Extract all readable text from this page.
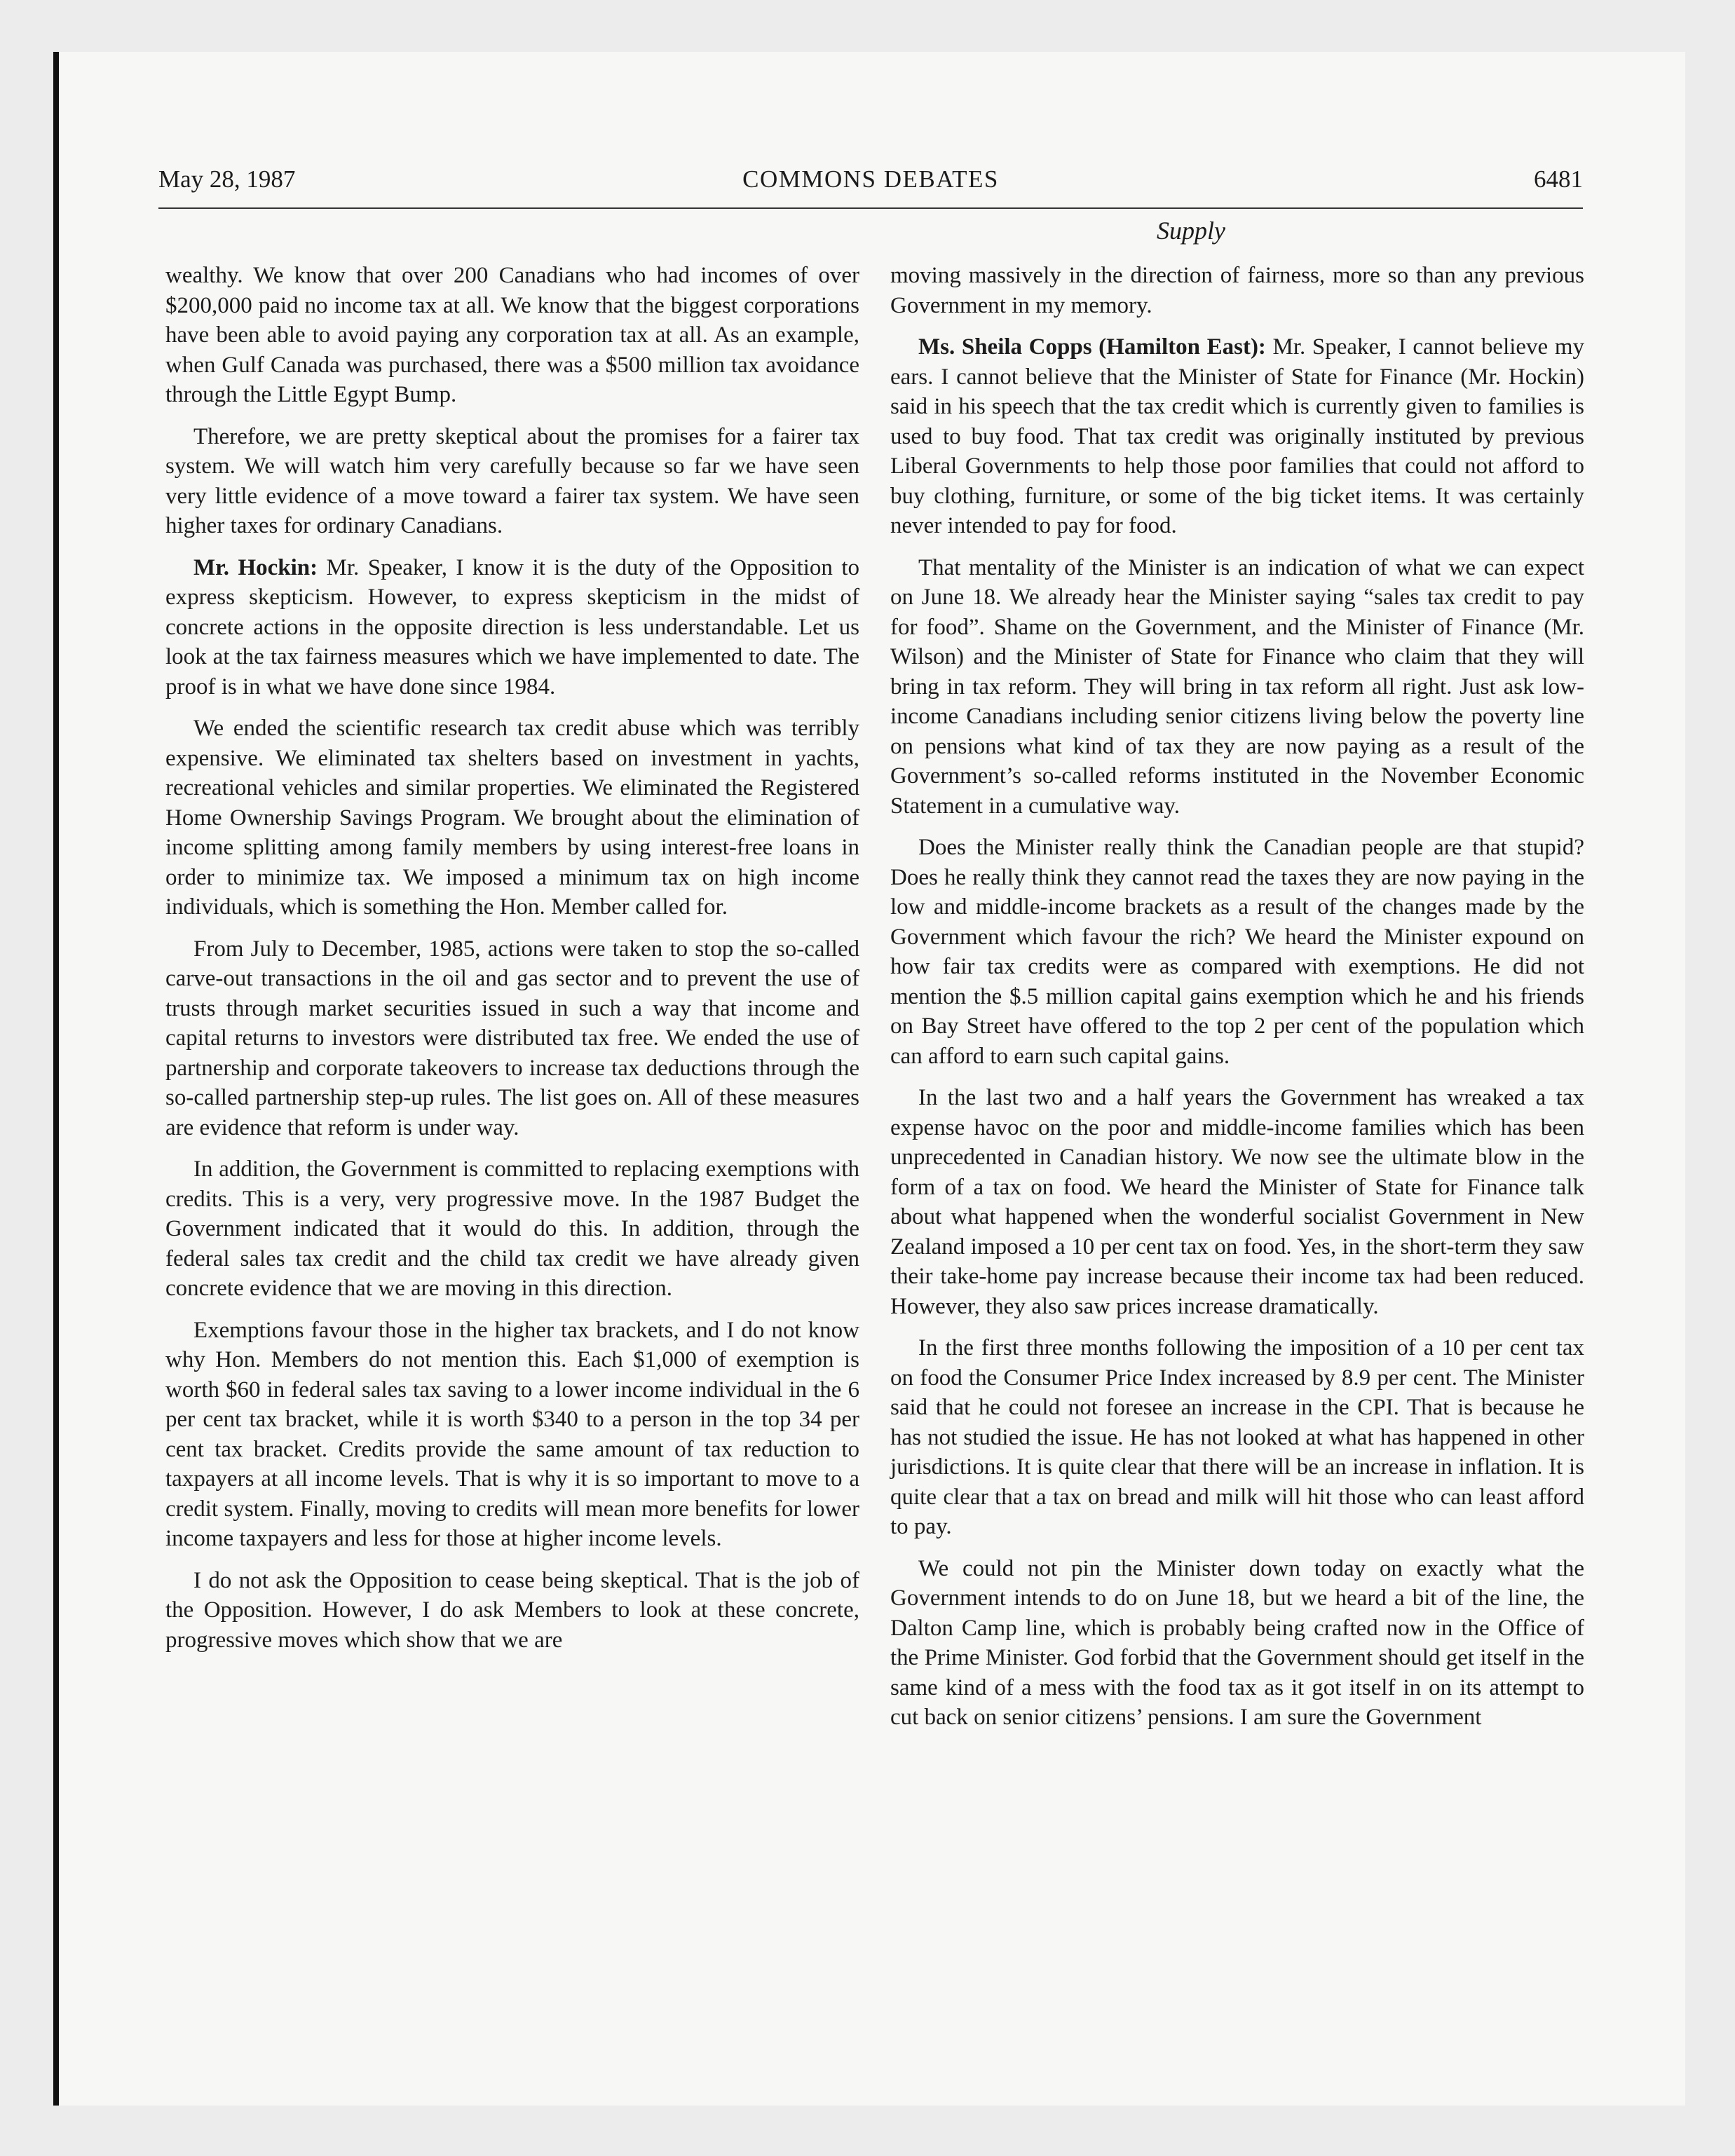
May 28, 1987	COMMONS DEBATES	6481
Supply

wealthy. We know that over 200 Canadians who had incomes of over $200,000 paid no income tax at all. We know that the biggest corporations have been able to avoid paying any corporation tax at all. As an example, when Gulf Canada was purchased, there was a $500 million tax avoidance through the Little Egypt Bump.

Therefore, we are pretty skeptical about the promises for a fairer tax system. We will watch him very carefully because so far we have seen very little evidence of a move toward a fairer tax system. We have seen higher taxes for ordinary Canadians.

Mr. Hockin: Mr. Speaker, I know it is the duty of the Opposition to express skepticism. However, to express skepticism in the midst of concrete actions in the opposite direction is less understandable. Let us look at the tax fairness measures which we have implemented to date. The proof is in what we have done since 1984.

We ended the scientific research tax credit abuse which was terribly expensive. We eliminated tax shelters based on investment in yachts, recreational vehicles and similar properties. We eliminated the Registered Home Ownership Savings Program. We brought about the elimination of income splitting among family members by using interest-free loans in order to minimize tax. We imposed a minimum tax on high income individuals, which is something the Hon. Member called for.

From July to December, 1985, actions were taken to stop the so-called carve-out transactions in the oil and gas sector and to prevent the use of trusts through market securities issued in such a way that income and capital returns to investors were distributed tax free. We ended the use of partnership and corporate takeovers to increase tax deductions through the so-called partnership step-up rules. The list goes on. All of these measures are evidence that reform is under way.

In addition, the Government is committed to replacing exemptions with credits. This is a very, very progressive move. In the 1987 Budget the Government indicated that it would do this. In addition, through the federal sales tax credit and the child tax credit we have already given concrete evidence that we are moving in this direction.

Exemptions favour those in the higher tax brackets, and I do not know why Hon. Members do not mention this. Each $1,000 of exemption is worth $60 in federal sales tax saving to a lower income individual in the 6 per cent tax bracket, while it is worth $340 to a person in the top 34 per cent tax bracket. Credits provide the same amount of tax reduction to taxpayers at all income levels. That is why it is so important to move to a credit system. Finally, moving to credits will mean more benefits for lower income taxpayers and less for those at higher income levels.

I do not ask the Opposition to cease being skeptical. That is the job of the Opposition. However, I do ask Members to look at these concrete, progressive moves which show that we are

moving massively in the direction of fairness, more so than any previous Government in my memory.

Ms. Sheila Copps (Hamilton East): Mr. Speaker, I cannot believe my ears. I cannot believe that the Minister of State for Finance (Mr. Hockin) said in his speech that the tax credit which is currently given to families is used to buy food. That tax credit was originally instituted by previous Liberal Governments to help those poor families that could not afford to buy clothing, furniture, or some of the big ticket items. It was certainly never intended to pay for food.

That mentality of the Minister is an indication of what we can expect on June 18. We already hear the Minister saying “sales tax credit to pay for food”. Shame on the Government, and the Minister of Finance (Mr. Wilson) and the Minister of State for Finance who claim that they will bring in tax reform. They will bring in tax reform all right. Just ask low-income Canadians including senior citizens living below the poverty line on pensions what kind of tax they are now paying as a result of the Government’s so-called reforms instituted in the November Economic Statement in a cumulative way.

Does the Minister really think the Canadian people are that stupid? Does he really think they cannot read the taxes they are now paying in the low and middle-income brackets as a result of the changes made by the Government which favour the rich? We heard the Minister expound on how fair tax credits were as compared with exemptions. He did not mention the $.5 million capital gains exemption which he and his friends on Bay Street have offered to the top 2 per cent of the population which can afford to earn such capital gains.

In the last two and a half years the Government has wreaked a tax expense havoc on the poor and middle-income families which has been unprecedented in Canadian history. We now see the ultimate blow in the form of a tax on food. We heard the Minister of State for Finance talk about what happened when the wonderful socialist Government in New Zealand imposed a 10 per cent tax on food. Yes, in the short-term they saw their take-home pay increase because their income tax had been reduced. However, they also saw prices increase dramatically.

In the first three months following the imposition of a 10 per cent tax on food the Consumer Price Index increased by 8.9 per cent. The Minister said that he could not foresee an increase in the CPI. That is because he has not studied the issue. He has not looked at what has happened in other jurisdictions. It is quite clear that there will be an increase in inflation. It is quite clear that a tax on bread and milk will hit those who can least afford to pay.

We could not pin the Minister down today on exactly what the Government intends to do on June 18, but we heard a bit of the line, the Dalton Camp line, which is probably being crafted now in the Office of the Prime Minister. God forbid that the Government should get itself in the same kind of a mess with the food tax as it got itself in on its attempt to cut back on senior citizens’ pensions. I am sure the Government
